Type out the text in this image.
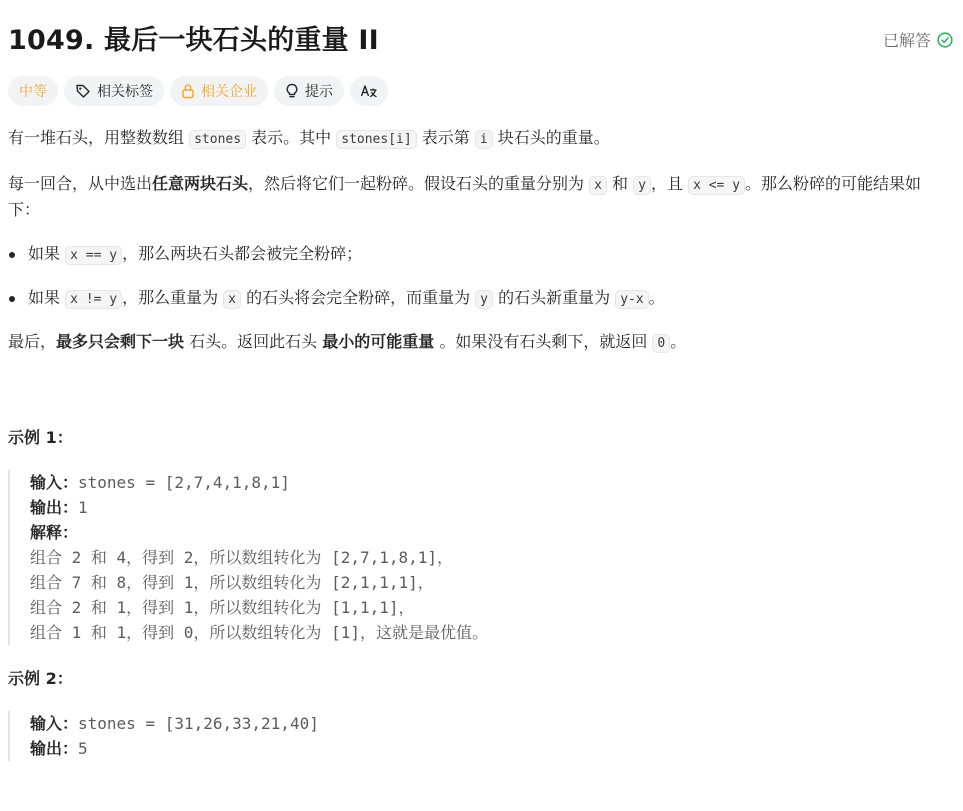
1049. 最后一块石头的重量 II	已解答
中等	相关标签	相关企业	提示

有一堆石头，用整数数组 stones 表示。其中 stones[i] 表示第 i 块石头的重量。

每一回合，从中选出任意两块石头，然后将它们一起粉碎。假设石头的重量分别为 x 和 y ，且 x <= y 。那么粉碎的可能结果如下：

如果 x == y ，那么两块石头都会被完全粉碎；
如果 x != y ，那么重量为 x 的石头将会完全粉碎，而重量为 y 的石头新重量为 y-x 。

最后，最多只会剩下一块 石头。返回此石头 最小的可能重量 。如果没有石头剩下，就返回 0 。

示例 1：

输入：stones = [2,7,4,1,8,1]
输出：1
解释：
组合 2 和 4，得到 2，所以数组转化为 [2,7,1,8,1]，
组合 7 和 8，得到 1，所以数组转化为 [2,1,1,1]，
组合 2 和 1，得到 1，所以数组转化为 [1,1,1]，
组合 1 和 1，得到 0，所以数组转化为 [1]，这就是最优值。

示例 2：

输入：stones = [31,26,33,21,40]
输出：5
